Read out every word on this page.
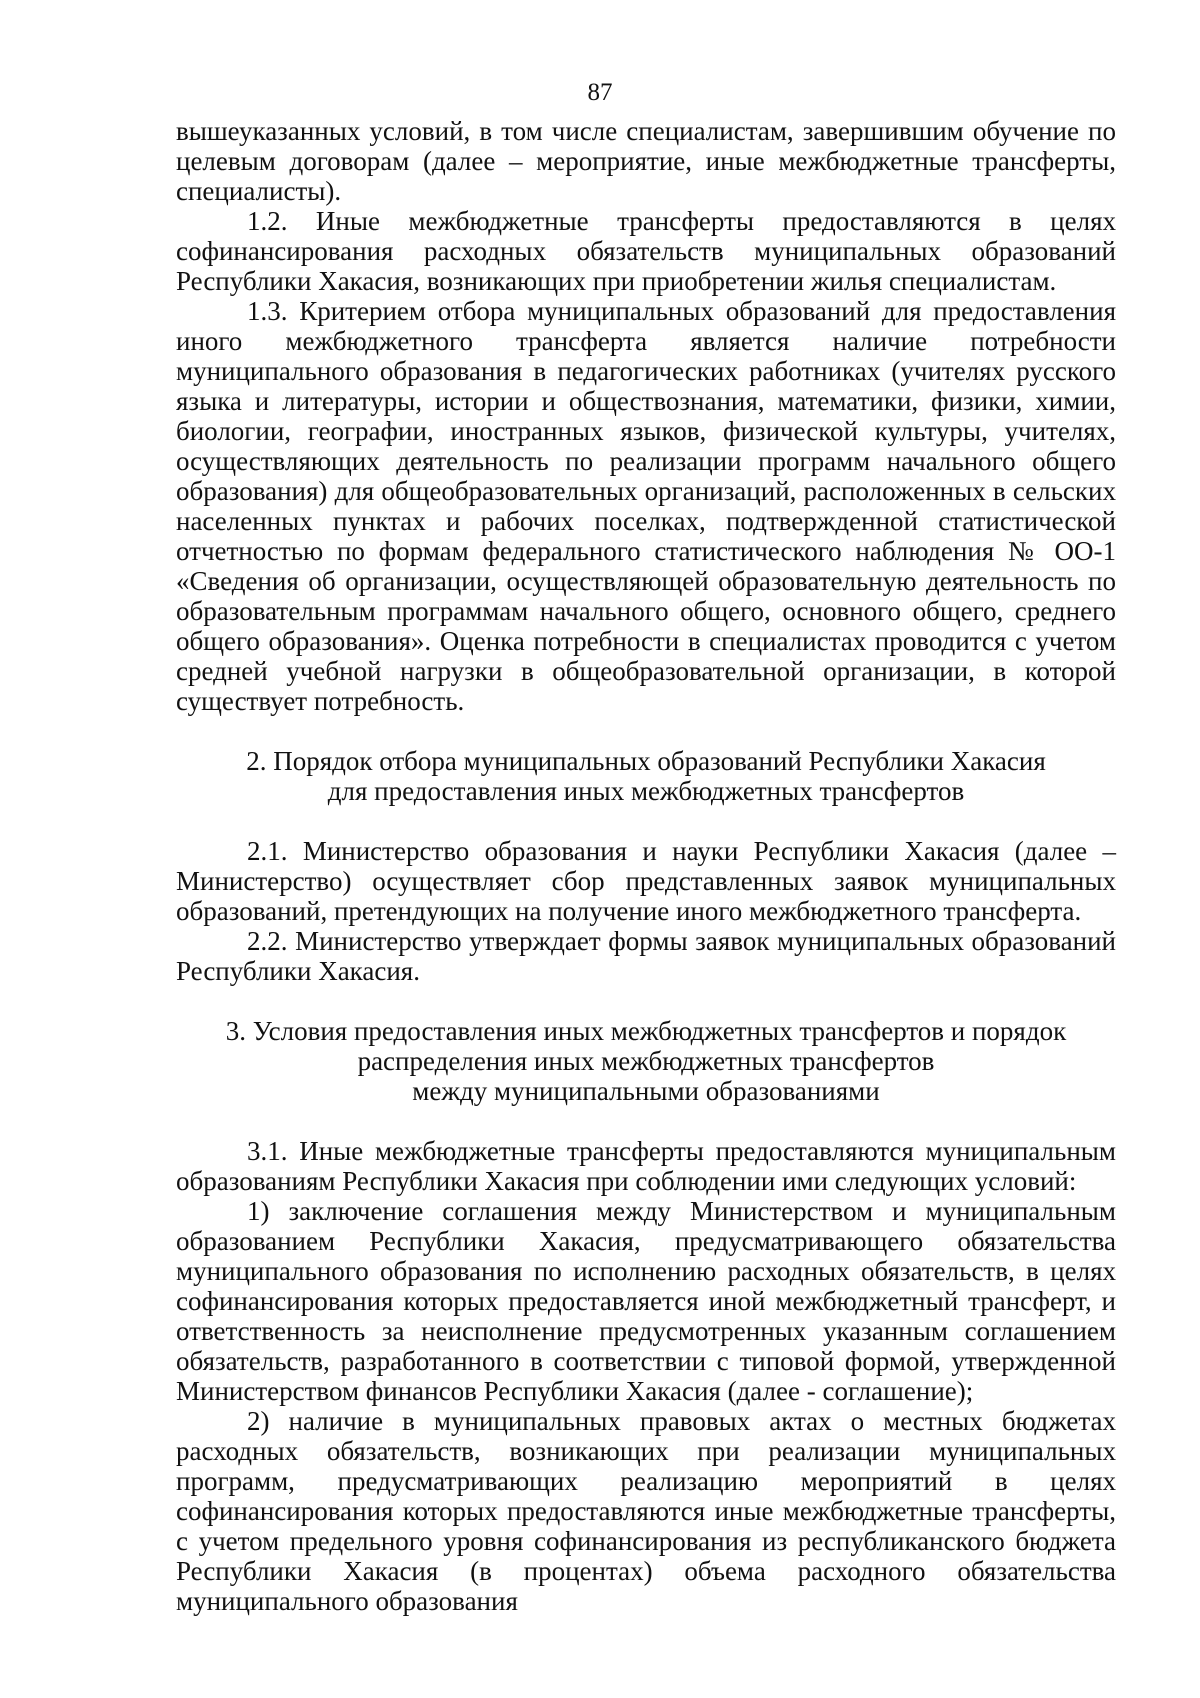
87

вышеуказанных условий, в том числе специалистам, завершившим обучение по целевым договорам (далее – мероприятие, иные межбюджетные трансферты, специалисты).

1.2. Иные межбюджетные трансферты предоставляются в целях софинансирования расходных обязательств муниципальных образований Республики Хакасия, возникающих при приобретении жилья специалистам.

1.3. Критерием отбора муниципальных образований для предоставления иного межбюджетного трансферта является наличие потребности муниципального образования в педагогических работниках (учителях русского языка и литературы, истории и обществознания, математики, физики, химии, биологии, географии, иностранных языков, физической культуры, учителях, осуществляющих деятельность по реализации программ начального общего образования) для общеобразовательных организаций, расположенных в сельских населенных пунктах и рабочих поселках, подтвержденной статистической отчетностью по формам федерального статистического наблюдения № ОО-1 «Сведения об организации, осуществляющей образовательную деятельность по образовательным программам начального общего, основного общего, среднего общего образования». Оценка потребности в специалистах проводится с учетом средней учебной нагрузки в общеобразовательной организации, в которой существует потребность.

2. Порядок отбора муниципальных образований Республики Хакасия

для предоставления иных межбюджетных трансфертов

2.1. Министерство образования и науки Республики Хакасия (далее – Министерство) осуществляет сбор представленных заявок муниципальных образований, претендующих на получение иного межбюджетного трансферта.

2.2. Министерство утверждает формы заявок муниципальных образований Республики Хакасия.

3. Условия предоставления иных межбюджетных трансфертов и порядок

распределения иных межбюджетных трансфертов

между муниципальными образованиями

3.1. Иные межбюджетные трансферты предоставляются муниципальным образованиям Республики Хакасия при соблюдении ими следующих условий:

1) заключение соглашения между Министерством и муниципальным образованием Республики Хакасия, предусматривающего обязательства муниципального образования по исполнению расходных обязательств, в целях софинансирования которых предоставляется иной межбюджетный трансферт, и ответственность за неисполнение предусмотренных указанным соглашением обязательств, разработанного в соответствии с типовой формой, утвержденной Министерством финансов Республики Хакасия (далее - соглашение);

2) наличие в муниципальных правовых актах о местных бюджетах расходных обязательств, возникающих при реализации муниципальных программ, предусматривающих реализацию мероприятий в целях софинансирования которых предоставляются иные межбюджетные трансферты, с учетом предельного уровня софинансирования из республиканского бюджета Республики Хакасия (в процентах) объема расходного обязательства муниципального образования
